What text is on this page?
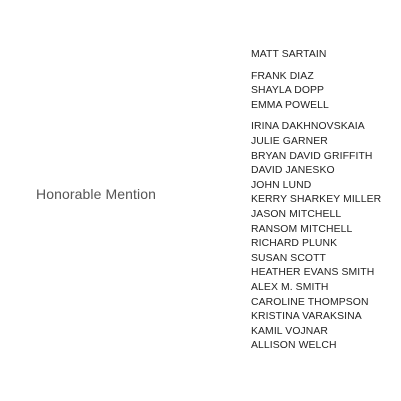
Honorable Mention
MATT SARTAIN
FRANK DIAZ
SHAYLA DOPP
EMMA POWELL
IRINA DAKHNOVSKAIA
JULIE GARNER
BRYAN DAVID GRIFFITH
DAVID JANESKO
JOHN LUND
KERRY SHARKEY MILLER
JASON MITCHELL
RANSOM MITCHELL
RICHARD PLUNK
SUSAN SCOTT
HEATHER EVANS SMITH
ALEX M. SMITH
CAROLINE THOMPSON
KRISTINA VARAKSINA
KAMIL VOJNAR
ALLISON WELCH
